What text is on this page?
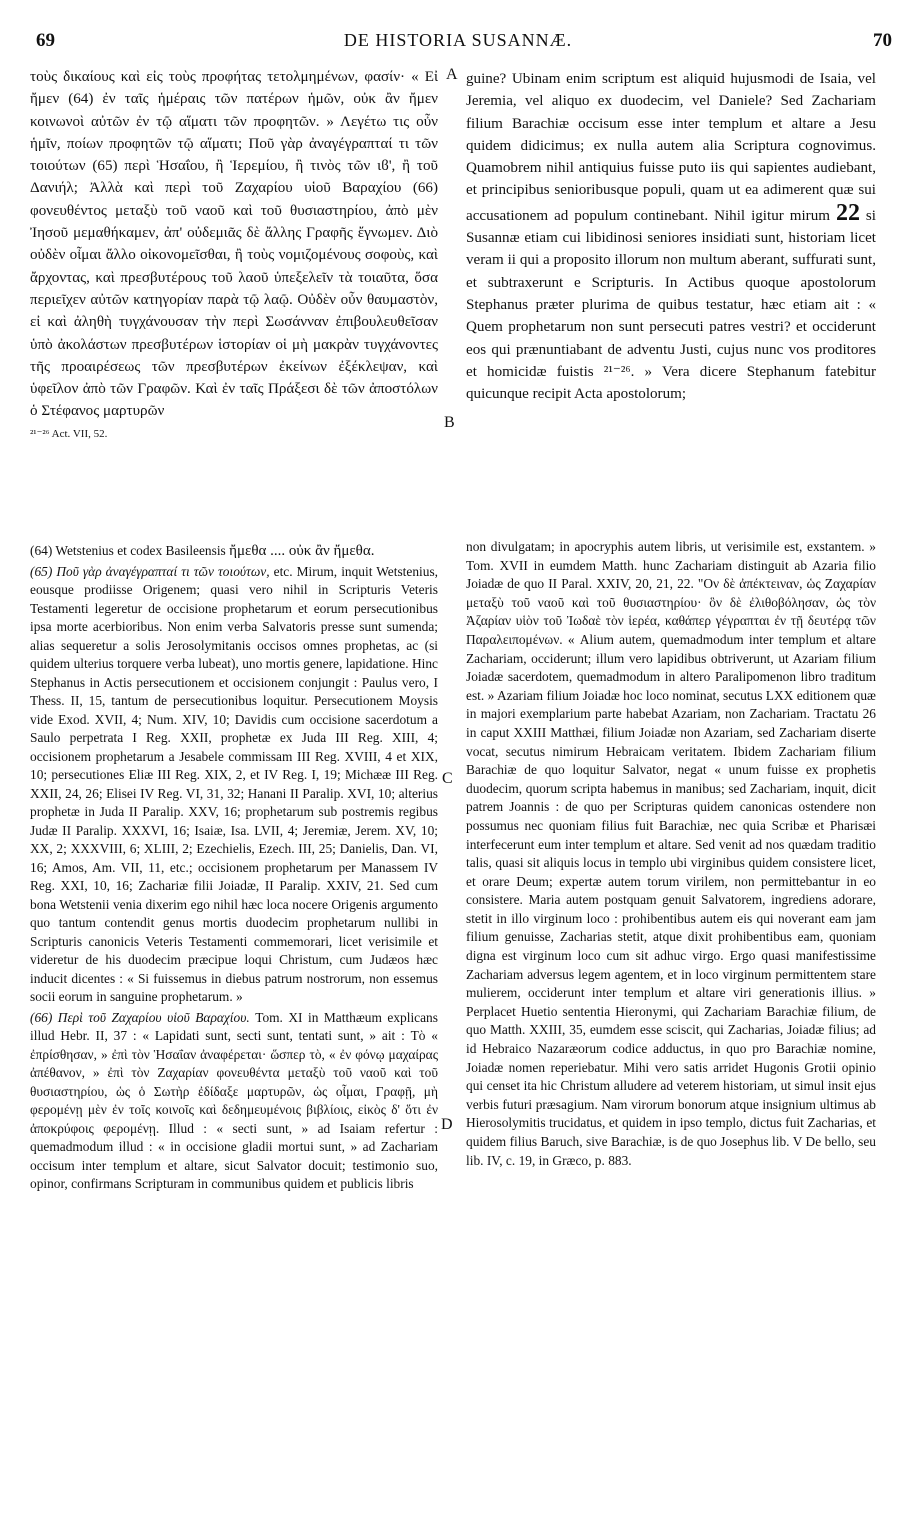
69	DE HISTORIA SUSANNÆ.	70

τοὺς δικαίους καὶ εἰς τοὺς προφήτας τετολμημένων, φασίν· « Εἰ ἤμεν (64) ἐν ταῖς ἡμέραις τῶν πατέρων ἡμῶν, οὐκ ἂν ἤμεν κοινωνοὶ αὐτῶν ἐν τῷ αἵματι τῶν προφητῶν. » Λεγέτω τις οὖν ἡμῖν, ποίων προφητῶν τῷ αἵματι; Ποῦ γὰρ ἀναγέγραπταί τι τῶν τοιούτων (65) περὶ Ἡσαΐου, ἢ Ἱερεμίου, ἢ τινὸς τῶν ιϐ', ἢ τοῦ Δανιήλ; Ἀλλὰ καὶ περὶ τοῦ Ζαχαρίου υἱοῦ Βαραχίου (66) φονευθέντος μεταξὺ τοῦ ναοῦ καὶ τοῦ θυσιαστηρίου, ἀπὸ μὲν Ἰησοῦ μεμαθήκαμεν, ἀπ' οὐδεμιᾶς δὲ ἄλλης Γραφῆς ἔγνωμεν. Διὸ οὐδὲν οἶμαι ἄλλο οἰκονομεῖσθαι, ἢ τοὺς νομιζομένους σοφοὺς, καὶ ἄρχοντας, καὶ πρεσβυτέρους τοῦ λαοῦ ὑπεξελεῖν τὰ τοιαῦτα, ὅσα περιεῖχεν αὐτῶν κατηγορίαν παρὰ τῷ λαῷ. Οὐδὲν οὖν θαυμαστὸν, εἰ καὶ ἀληθὴ τυγχάνουσαν τὴν περὶ Σωσάνναν ἐπιβουλευθεῖσαν ὑπὸ ἀκολάστων πρεσβυτέρων ἱστορίαν οἱ μὴ μακρὰν τυγχάνοντες τῆς προαιρέσεως τῶν πρεσβυτέρων ἐκείνων ἐξέκλεψαν, καὶ ὑφεῖλον ἀπὸ τῶν Γραφῶν. Καὶ ἐν ταῖς Πράξεσι δὲ τῶν ἀποστόλων ὁ Στέφανος μαρτυρῶν

²¹⁻²⁶ Act. VII, 52.

guine? Ubinam enim scriptum est aliquid hujusmodi de Isaia, vel Jeremia, vel aliquo ex duodecim, vel Daniele? Sed Zachariam filium Barachiæ occisum esse inter templum et altare a Jesu quidem didicimus; ex nulla autem alia Scriptura cognovimus. Quamobrem nihil antiquius fuisse puto iis qui sapientes audiebant, et principibus senioribusque populi, quam ut ea adimerent quæ sui accusationem ad populum continebant. Nihil igitur mirum 22 si Susannæ etiam cui libidinosi seniores insidiati sunt, historiam licet veram ii qui a proposito illorum non multum aberant, suffurati sunt, et subtraxerunt e Scripturis. In Actibus quoque apostolorum Stephanus præter plurima de quibus testatur, hæc etiam ait : « Quem prophetarum non sunt persecuti patres vestri? et occiderunt eos qui prænuntiabant de adventu Justi, cujus nunc vos proditores et homicidæ fuistis ²¹⁻²⁶. » Vera dicere Stephanum fatebitur quicunque recipit Acta apostolorum;

(64) Wetstenius et codex Basileensis ἤμεθα .... οὐκ ἂν ἤμεθα.

(65) Ποῦ γὰρ ἀναγέγραπταί τι τῶν τοιούτων, etc. Mirum, inquit Wetstenius, eousque prodiisse Origenem; quasi vero nihil in Scripturis Veteris Testamenti legeretur de occisione prophetarum et eorum persecutionibus ipsa morte acerbioribus. Non enim verba Salvatoris presse sunt sumenda; alias sequeretur a solis Jerosolymitanis occisos omnes prophetas, ac (si quidem ulterius torquere verba lubeat), uno mortis genere, lapidatione. Hinc Stephanus in Actis persecutionem et occisionem conjungit : Paulus vero, I Thess. II, 15, tantum de persecutionibus loquitur. Persecutionem Moysis vide Exod. XVII, 4; Num. XIV, 10; Davidis cum occisione sacerdotum a Saulo perpetrata I Reg. XXII, prophetæ ex Juda III Reg. XIII, 4; occisionem prophetarum a Jesabele commissam III Reg. XVIII, 4 et XIX, 10; persecutiones Eliæ III Reg. XIX, 2, et IV Reg. I, 19; Michææ III Reg. XXII, 24, 26; Elisei IV Reg. VI, 31, 32; Hanani II Paralip. XVI, 10; alterius prophetæ in Juda II Paralip. XXV, 16; prophetarum sub postremis regibus Judæ II Paralip. XXXVI, 16; Isaiæ, Isa. LVII, 4; Jeremiæ, Jerem. XV, 10; XX, 2; XXXVIII, 6; XLIII, 2; Ezechielis, Ezech. III, 25; Danielis, Dan. VI, 16; Amos, Am. VII, 11, etc.; occisionem prophetarum per Manassem IV Reg. XXI, 10, 16; Zachariæ filii Joiadæ, II Paralip. XXIV, 21. Sed cum bona Wetstenii venia dixerim ego nihil hæc loca nocere Origenis argumento quo tantum contendit genus mortis duodecim prophetarum nullibi in Scripturis canonicis Veteris Testamenti commemorari, licet verisimile et videretur de his duodecim præcipue loqui Christum, cum Judæos hæc inducit dicentes : « Si fuissemus in diebus patrum nostrorum, non essemus socii eorum in sanguine prophetarum. »

(66) Περὶ τοῦ Ζαχαρίου υἱοῦ Βαραχίου. Tom. XI in Matthæum explicans illud Hebr. II, 37 : « Lapidati sunt, secti sunt, tentati sunt, » ait : Τὸ « ἐπρίσθησαν, » ἐπὶ τὸν Ἡσαΐαν ἀναφέρεται· ὥσπερ τὸ, « ἐν φόνῳ μαχαίρας ἀπέθανον, » ἐπὶ τὸν Ζαχαρίαν φονευθέντα μεταξὺ τοῦ ναοῦ καὶ τοῦ θυσιαστηρίου, ὡς ὁ Σωτὴρ ἐδίδαξε μαρτυρῶν, ὡς οἶμαι, Γραφῇ, μὴ φερομένῃ μὲν ἐν τοῖς κοινοῖς καὶ δεδημευμένοις βιβλίοις, εἰκὸς δ' ὅτι ἐν ἀποκρύφοις φερομένῃ. Illud : « secti sunt, » ad Isaiam refertur : quemadmodum illud : « in occisione gladii mortui sunt, » ad Zachariam occisum inter templum et altare, sicut Salvator docuit; testimonio suo, opinor, confirmans Scripturam in communibus quidem et publicis libris

non divulgatam; in apocryphis autem libris, ut verisimile est, exstantem. » Tom. XVII in eumdem Matth. hunc Zachariam distinguit ab Azaria filio Joiadæ de quo II Paral. XXIV, 20, 21, 22. "Ον δὲ ἀπέκτειναν, ὡς Ζαχαρίαν μεταξὺ τοῦ ναοῦ καὶ τοῦ θυσιαστηρίου· ὃν δὲ ἐλιθοβόλησαν, ὡς τὸν Ἀζαρίαν υἱὸν τοῦ Ἰωδαὲ τὸν ἱερέα, καθάπερ γέγραπται ἐν τῇ δευτέρᾳ τῶν Παραλειπομένων. « Alium autem, quemadmodum inter templum et altare Zachariam, occiderunt; illum vero lapidibus obtriverunt, ut Azariam filium Joiadæ sacerdotem, quemadmodum in altero Paralipomenon libro traditum est. » Azariam filium Joiadæ hoc loco nominat, secutus LXX editionem quæ in majori exemplarium parte habebat Azariam, non Zachariam. Tractatu 26 in caput XXIII Matthæi, filium Joiadæ non Azariam, sed Zachariam diserte vocat, secutus nimirum Hebraicam veritatem. Ibidem Zachariam filium Barachiæ de quo loquitur Salvator, negat « unum fuisse ex prophetis duodecim, quorum scripta habemus in manibus; sed Zachariam, inquit, dicit patrem Joannis : de quo per Scripturas quidem canonicas ostendere non possumus nec quoniam filius fuit Barachiæ, nec quia Scribæ et Pharisæi interfecerunt eum inter templum et altare. Sed venit ad nos quædam traditio talis, quasi sit aliquis locus in templo ubi virginibus quidem consistere licet, et orare Deum; expertæ autem torum virilem, non permittebantur in eo consistere. Maria autem postquam genuit Salvatorem, ingrediens adorare, stetit in illo virginum loco : prohibentibus autem eis qui noverant eam jam filium genuisse, Zacharias stetit, atque dixit prohibentibus eam, quoniam digna est virginum loco cum sit adhuc virgo. Ergo quasi manifestissime Zachariam adversus legem agentem, et in loco virginum permittentem stare mulierem, occiderunt inter templum et altare viri generationis illius. » Perplacet Huetio sententia Hieronymi, qui Zachariam Barachiæ filium, de quo Matth. XXIII, 35, eumdem esse sciscit, qui Zacharias, Joiadæ filius; ad id Hebraico Nazaræorum codice adductus, in quo pro Barachiæ nomine, Joiadæ nomen reperiebatur. Mihi vero satis arridet Hugonis Grotii opinio qui censet ita hic Christum alludere ad veterem historiam, ut simul insit ejus verbis futuri præsagium. Nam virorum bonorum atque insignium ultimus ab Hierosolymitis trucidatus, et quidem in ipso templo, dictus fuit Zacharias, et quidem filius Baruch, sive Barachiæ, is de quo Josephus lib. V De bello, seu lib. IV, c. 19, in Græco, p. 883.

A
B
C
D
